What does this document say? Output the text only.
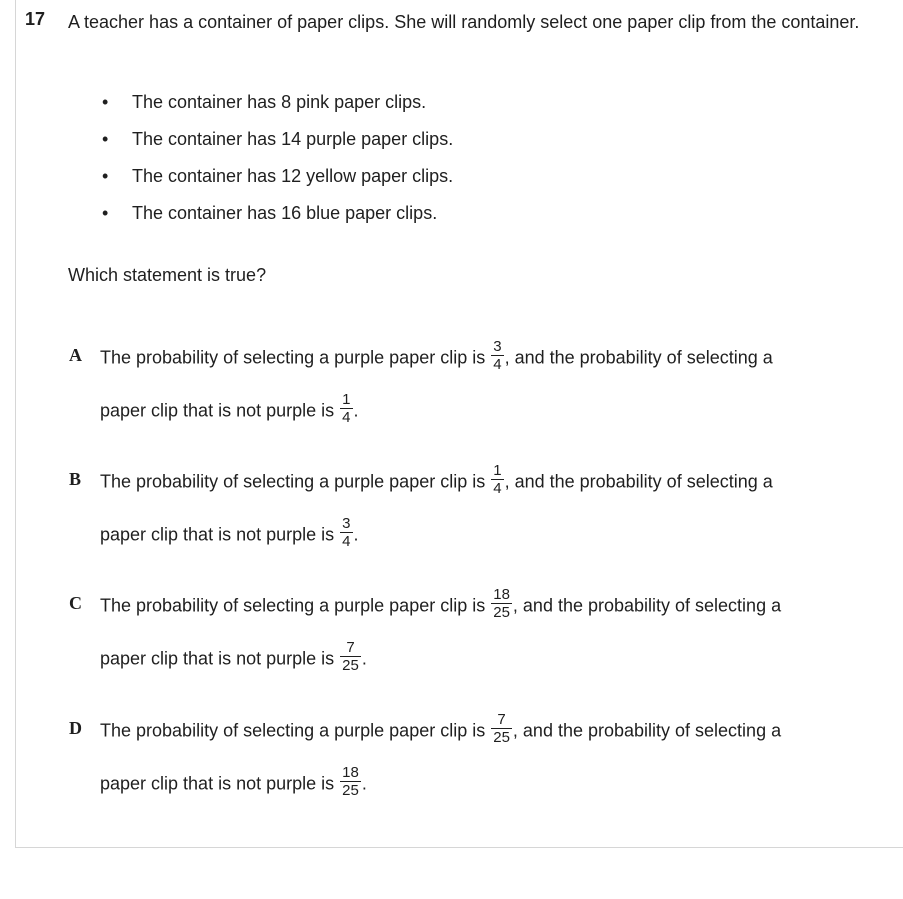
17 A teacher has a container of paper clips. She will randomly select one paper clip from the container.
• The container has 8 pink paper clips.
• The container has 14 purple paper clips.
• The container has 12 yellow paper clips.
• The container has 16 blue paper clips.
Which statement is true?
A The probability of selecting a purple paper clip is $\frac{3}{4}$ , and the probability of selecting a
paper clip that is not purple is $\frac{1}{4}$ .
B The probability of selecting a purple paper clip is $\frac{1}{4}$ , and the probability of selecting a
paper clip that is not purple is $\frac{3}{4}$ .
C The probability of selecting a purple paper clip is $\frac{18}{25}$ , and the probability of selecting a
paper clip that is not purple is $\frac{7}{25}$ .
D The probability of selecting a purple paper clip is $\frac{7}{25}$ , and the probability of selecting a
paper clip that is not purple is $\frac{18}{25}$ .
